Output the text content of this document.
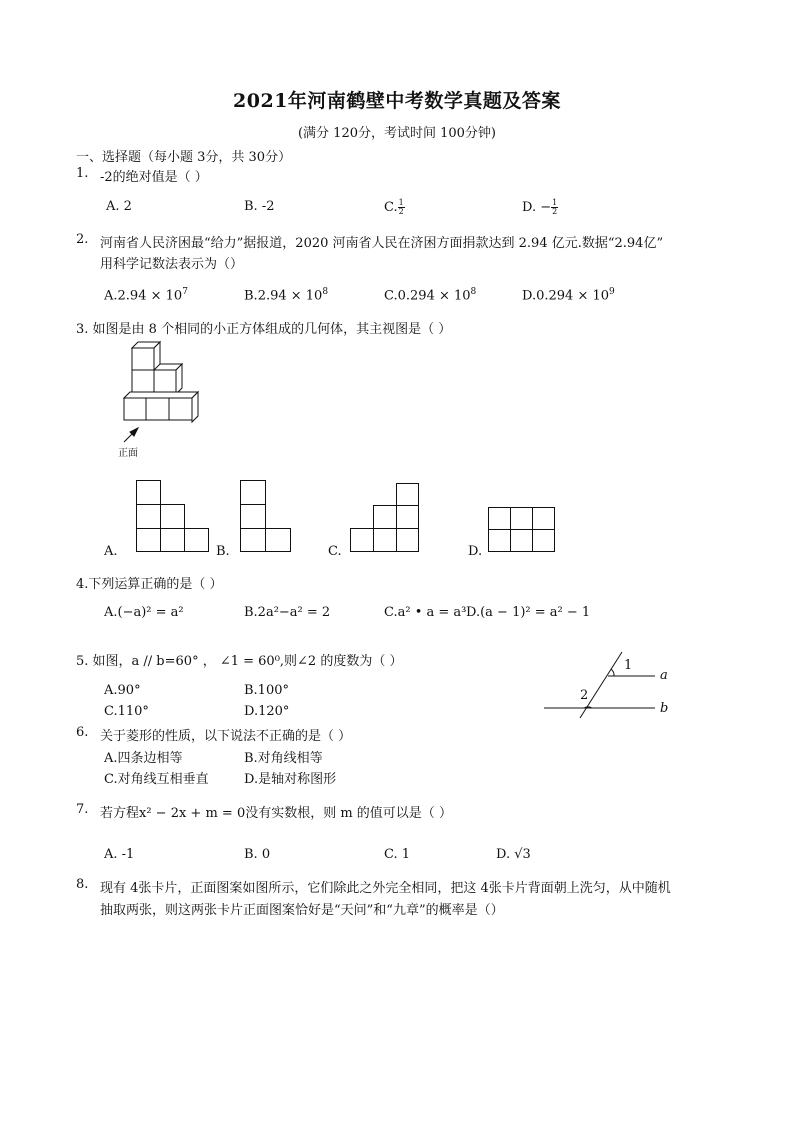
2021年河南鹤壁中考数学真题及答案
(满分 120分，考试时间 100分钟)
一、选择题（每小题 3分，共 30分）
1. -2的绝对值是（ ）
A. 2	B. -2	C. $\frac{1}{2}$	D. − $\frac{1}{2}$
2. 河南省人民济困最“给力”据报道，2020 河南省人民在济困方面捐款达到 2.94 亿元.数据“2.94亿”
用科学记数法表示为（）
$A.2.94 \times 10^7$	$B.2.94 \times 10^8$	$C.0.294 \times 10^8$	$D.0.294 \times 10^9$
3. 如图是由 8 个相同的小正方体组成的几何体，其主视图是（ ）
正面
A.	B.	C.	D.
4.下列运算正确的是（ ）
A.(−a)² = a²	B.2a²−a² = 2	C.a² • a = a³ D.(a − 1)² = a² − 1
5. 如图，a // b=60° ， ∠1 = 60⁰,则∠2 的度数为（ ）
A.90°	B.100°
C.110°	D.120°
1
2
a
b
6. 关于菱形的性质，以下说法不正确的是（ ）
A.四条边相等	B.对角线相等
C.对角线互相垂直	D.是轴对称图形
7. 若方程x² − 2x + m = 0没有实数根，则 m 的值可以是（ ）
A. -1	B. 0	C. 1	D. √3
8. 现有 4张卡片，正面图案如图所示，它们除此之外完全相同，把这 4张卡片背面朝上洗匀，从中随机
抽取两张，则这两张卡片正面图案恰好是“天问”和“九章”的概率是（）
